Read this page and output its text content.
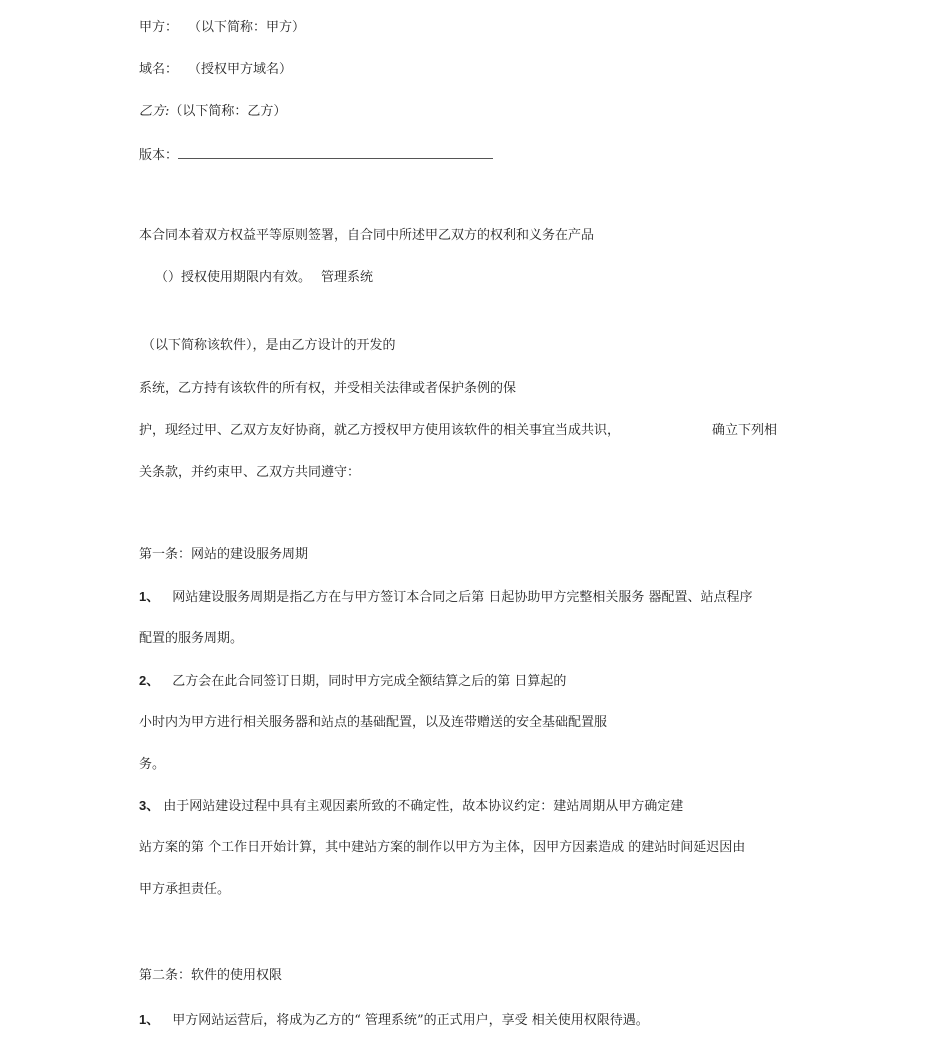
甲方： （以下简称：甲方）
域名： （授权甲方域名）
乙方:（以下简称：乙方）
版本：
本合同本着双方权益平等原则签署，自合同中所述甲乙双方的权利和义务在产品
（）授权使用期限内有效。 管理系统
（以下简称该软件），是由乙方设计的开发的
系统，乙方持有该软件的所有权，并受相关法律或者保护条例的保
护，现经过甲、乙双方友好协商，就乙方授权甲方使用该软件的相关事宜当成共识，	确立下列相
关条款，并约束甲、乙双方共同遵守：
第一条：网站的建设服务周期
1、 网站建设服务周期是指乙方在与甲方签订本合同之后第 日起协助甲方完整相关服务 器配置、站点程序
配置的服务周期。
2、 乙方会在此合同签订日期，同时甲方完成全额结算之后的第 日算起的
小时内为甲方进行相关服务器和站点的基础配置，以及连带赠送的安全基础配置服
务。
3、 由于网站建设过程中具有主观因素所致的不确定性，故本协议约定：建站周期从甲方确定建
站方案的第 个工作日开始计算，其中建站方案的制作以甲方为主体，因甲方因素造成 的建站时间延迟因由
甲方承担责任。
第二条：软件的使用权限
1、 甲方网站运营后，将成为乙方的“ 管理系统”的正式用户，享受 相关使用权限待遇。
